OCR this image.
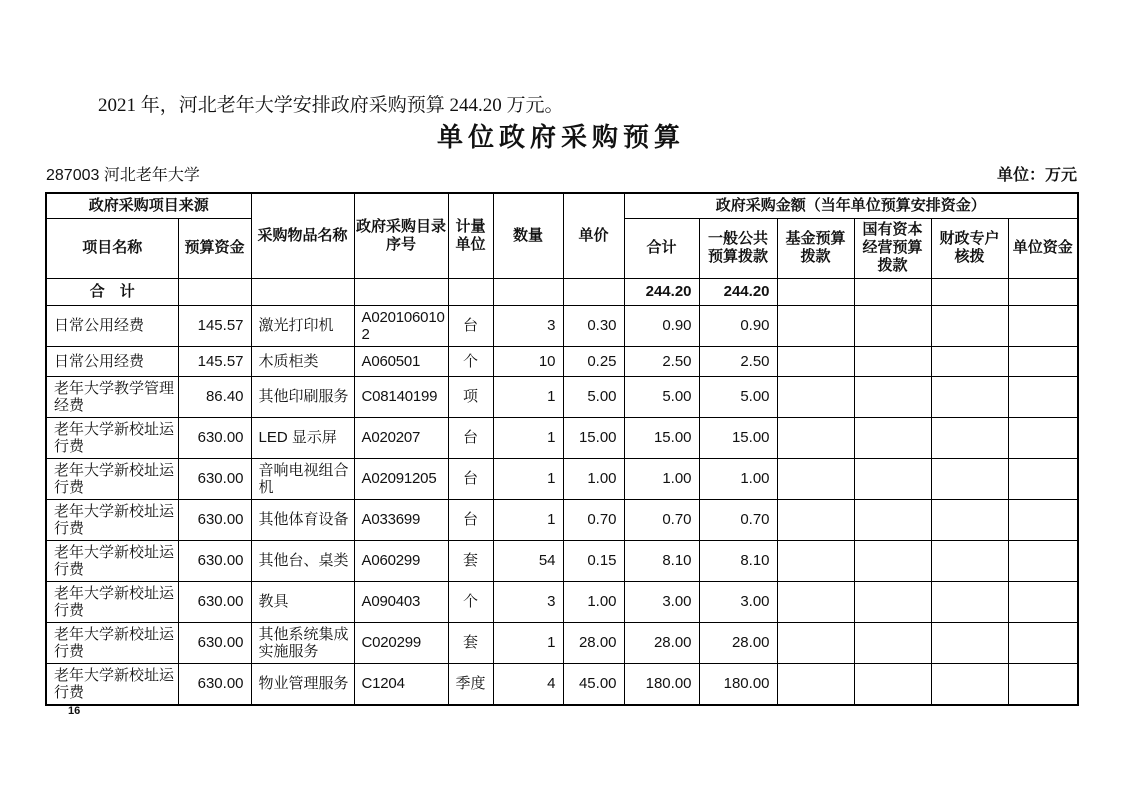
2021 年，河北老年大学安排政府采购预算 244.20 万元。

单位政府采购预算
287003 河北老年大学	单位：万元
政府采购项目来源		采购物品名称	政府采购目录序号	计量单位	数量	单价	政府采购金额（当年单位预算安排资金）					
项目名称	预算资金						合计	一般公共预算拨款	基金预算拨款	国有资本经营预算拨款	财政专户核拨	单位资金
合　计							244.20	244.20				
日常公用经费	145.57	激光打印机	A0201060102	台	3	0.30	0.90	0.90				
日常公用经费	145.57	木质柜类	A060501	个	10	0.25	2.50	2.50				
老年大学教学管理经费	86.40	其他印刷服务	C08140199	项	1	5.00	5.00	5.00				
老年大学新校址运行费	630.00	LED 显示屏	A020207	台	1	15.00	15.00	15.00				
老年大学新校址运行费	630.00	音响电视组合机	A02091205	台	1	1.00	1.00	1.00				
老年大学新校址运行费	630.00	其他体育设备	A033699	台	1	0.70	0.70	0.70				
老年大学新校址运行费	630.00	其他台、桌类	A060299	套	54	0.15	8.10	8.10				
老年大学新校址运行费	630.00	教具	A090403	个	3	1.00	3.00	3.00				
老年大学新校址运行费	630.00	其他系统集成实施服务	C020299	套	1	28.00	28.00	28.00				
老年大学新校址运行费	630.00	物业管理服务	C1204	季度	4	45.00	180.00	180.00				
16
